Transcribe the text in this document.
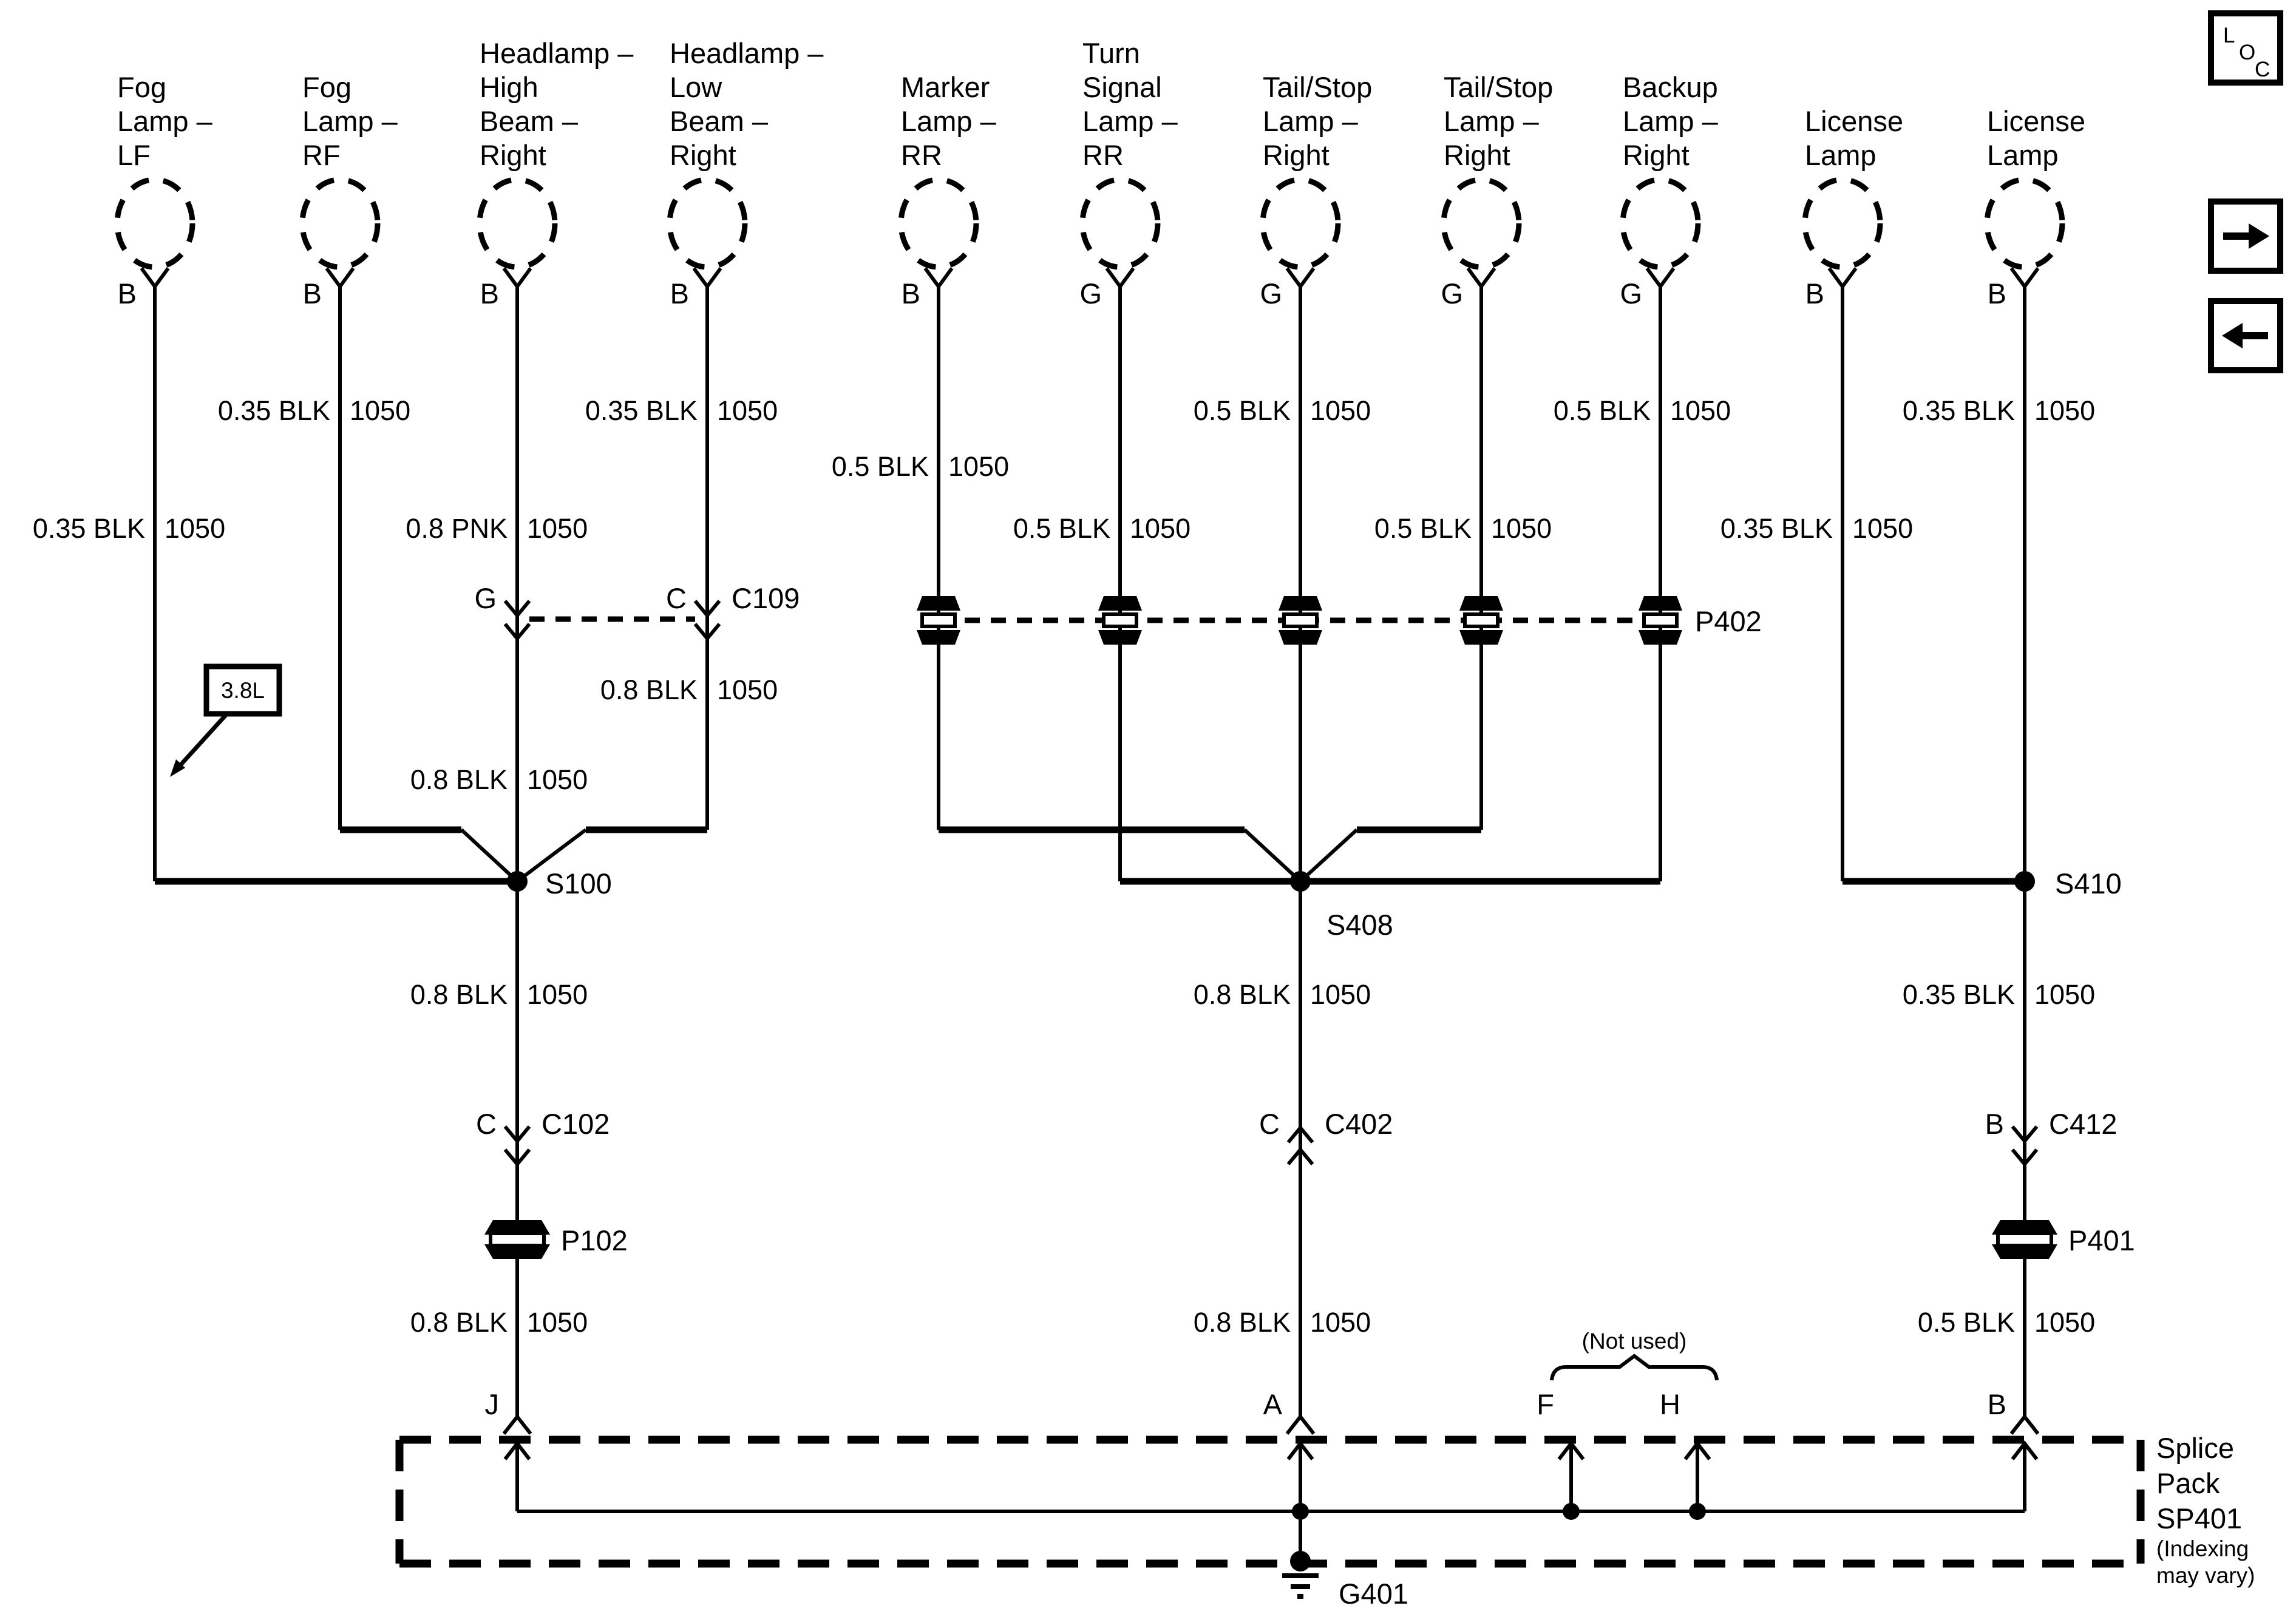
Fog
Lamp –
LF
Fog
Lamp –
RF
Headlamp –
High
Beam –
Right
Headlamp –
Low
Beam –
Right
Marker
Lamp –
RR
Turn
Signal
Lamp –
RR
Tail/Stop
Lamp –
Right
Tail/Stop
Lamp –
Right
Backup
Lamp –
Right
License
Lamp
License
Lamp
B	B	B	B	B	G	G	G	G	B	B
0.35 BLK 1050	0.35 BLK 1050	0.5 BLK 1050	0.5 BLK 1050	0.35 BLK 1050
0.5 BLK 1050
0.35 BLK 1050	0.8 PNK 1050	0.5 BLK 1050	0.5 BLK 1050	0.35 BLK 1050
0.8 BLK 1050
0.8 BLK 1050
0.8 BLK 1050	0.8 BLK 1050	0.35 BLK 1050
0.8 BLK 1050	0.8 BLK 1050	0.5 BLK 1050
G	C C109
P402
3.8L
S100
S408
S410
C C102	C C402	B C412
P102	P401
(Not used)
J	A	F	H	B
Splice
Pack
SP401
(Indexing
may vary)
G401
L
O
C
